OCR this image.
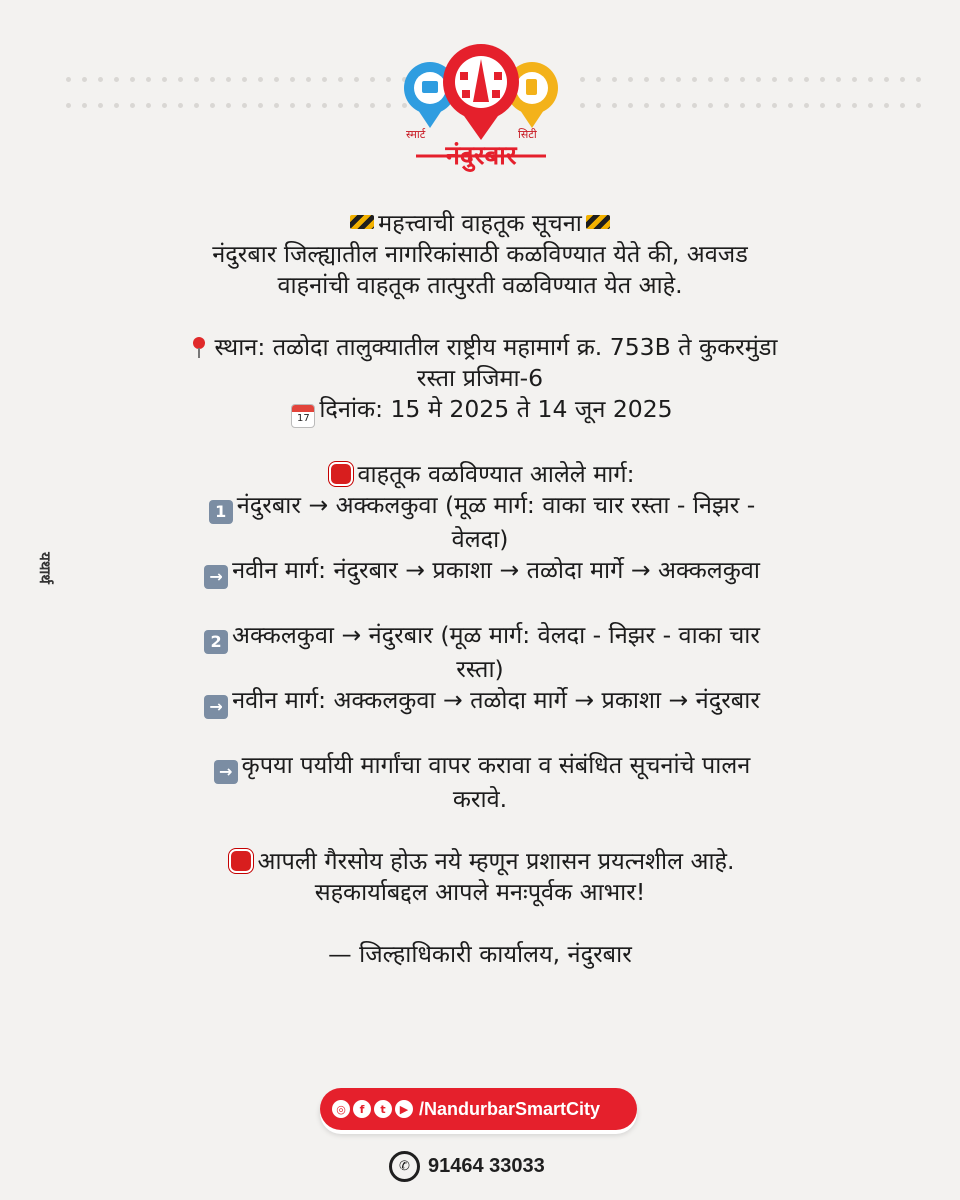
स्मार्ट	सिटी
नंदुरबार
यथार्थ

महत्त्वाची वाहतूक सूचना

नंदुरबार जिल्ह्यातील नागरिकांसाठी कळविण्यात येते की, अवजड

वाहनांची वाहतूक तात्पुरती वळविण्यात येत आहे.

स्थान: तळोदा तालुक्यातील राष्ट्रीय महामार्ग क्र. 753B ते कुकरमुंडा

रस्ता प्रजिमा-6

17 दिनांक: 15 मे 2025 ते 14 जून 2025

वाहतूक वळविण्यात आलेले मार्ग:

1 नंदुरबार → अक्कलकुवा (मूळ मार्ग: वाका चार रस्ता - निझर -

वेलदा)

→ नवीन मार्ग: नंदुरबार → प्रकाशा → तळोदा मार्गे → अक्कलकुवा

2 अक्कलकुवा → नंदुरबार (मूळ मार्ग: वेलदा - निझर - वाका चार

रस्ता)

→ नवीन मार्ग: अक्कलकुवा → तळोदा मार्गे → प्रकाशा → नंदुरबार

→ कृपया पर्यायी मार्गांचा वापर करावा व संबंधित सूचनांचे पालन

करावे.

आपली गैरसोय होऊ नये म्हणून प्रशासन प्रयत्नशील आहे.

सहकार्याबद्दल आपले मनःपूर्वक आभार!

— जिल्हाधिकारी कार्यालय, नंदुरबार

◎	f	t	▶ /NandurbarSmartCity
✆ 91464 33033
